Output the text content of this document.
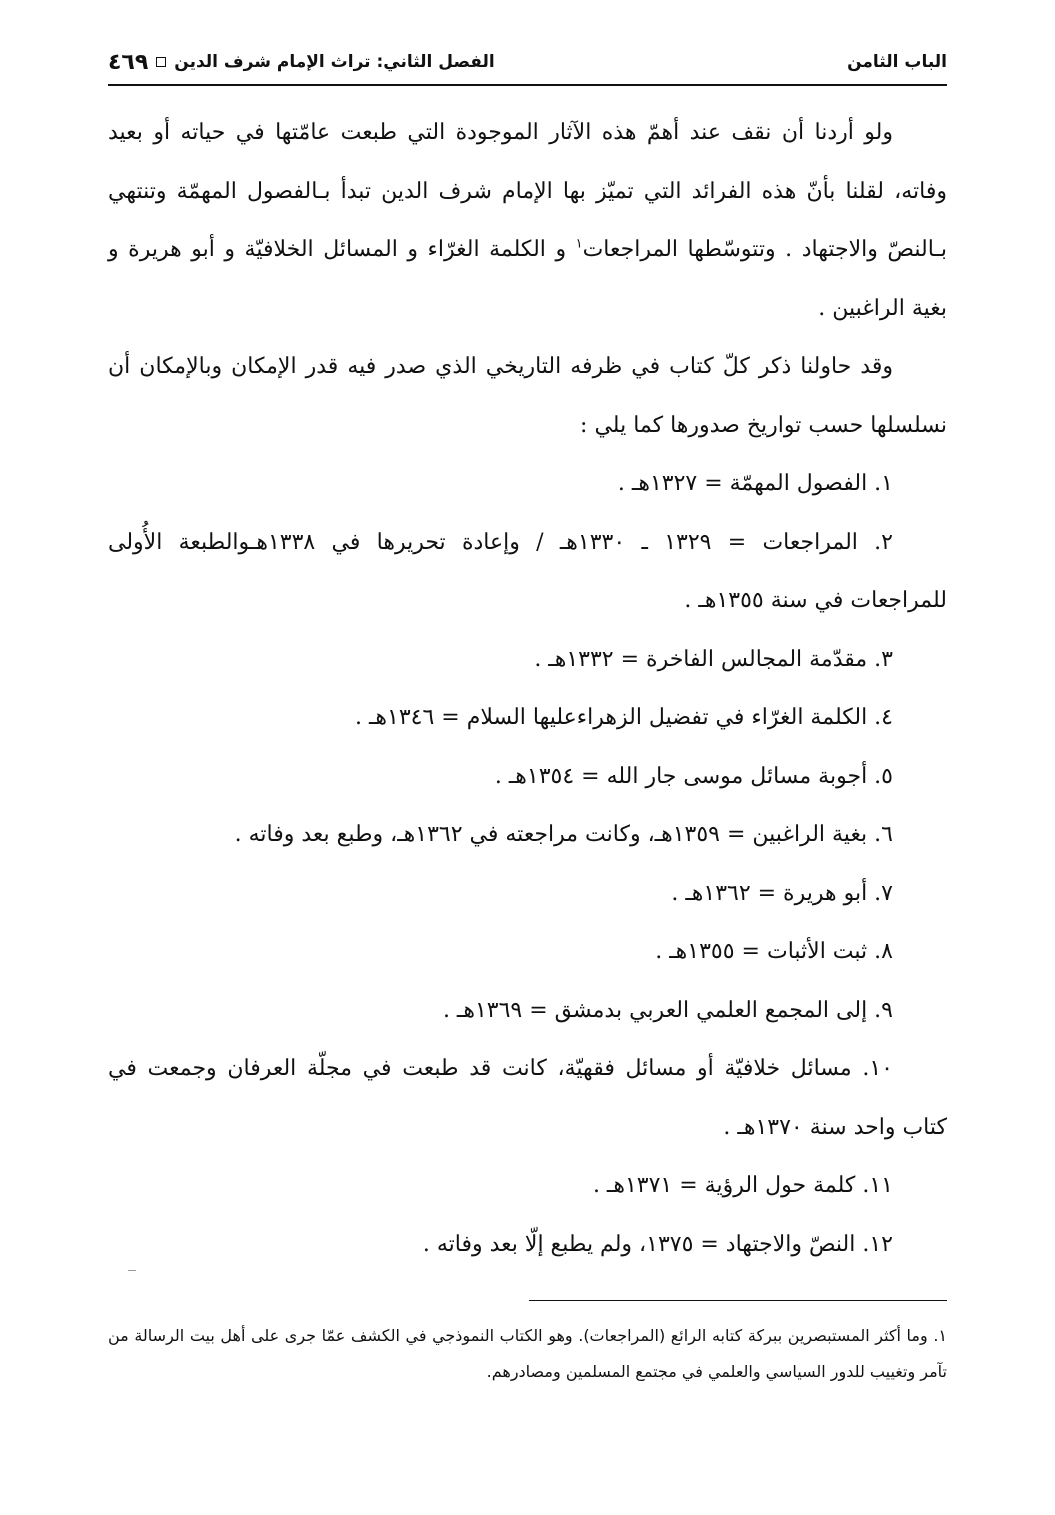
الباب الثامن
الفصل الثاني: تراث الإمام شرف الدين
٤٦٩

ولو أردنا أن نقف عند أهمّ هذه الآثار الموجودة التي طبعت عامّتها في حياته أو بعيد وفاته، لقلنا بأنّ هذه الفرائد التي تميّز بها الإمام شرف الدين تبدأ بـالفصول المهمّة وتنتهي بـالنصّ والاجتهاد . وتتوسّطها المراجعات$^١$ و الكلمة الغرّاء و المسائل الخلافيّة و أبو هريرة و بغية الراغبين .

وقد حاولنا ذكر كلّ كتاب في ظرفه التاريخي الذي صدر فيه قدر الإمكان وبالإمكان أن نسلسلها حسب تواريخ صدورها كما يلي :

١. الفصول المهمّة = ١٣٢٧هـ .

٢. المراجعات = ١٣٢٩ ـ ١٣٣٠هـ / وإعادة تحريرها في ١٣٣٨هـوالطبعة الأُولى للمراجعات في سنة ١٣٥٥هـ .

٣. مقدّمة المجالس الفاخرة = ١٣٣٢هـ .

٤. الكلمة الغرّاء في تفضيل الزهراءعليها السلام = ١٣٤٦هـ .

٥. أجوبة مسائل موسى جار الله = ١٣٥٤هـ .

٦. بغية الراغبين = ١٣٥٩هـ، وكانت مراجعته في ١٣٦٢هـ، وطبع بعد وفاته .

٧. أبو هريرة = ١٣٦٢هـ .

٨. ثبت الأثبات = ١٣٥٥هـ .

٩. إلى المجمع العلمي العربي بدمشق = ١٣٦٩هـ .

١٠. مسائل خلافيّة أو مسائل فقهيّة، كانت قد طبعت في مجلّة العرفان وجمعت في كتاب واحد سنة ١٣٧٠هـ .

١١. كلمة حول الرؤية = ١٣٧١هـ .

١٢. النصّ والاجتهاد = ١٣٧٥، ولم يطبع إلّا بعد وفاته .

١. وما أكثر المستبصرين ببركة كتابه الرائع (المراجعات). وهو الكتاب النموذجي في الكشف عمّا جرى على أهل بيت الرسالة من تآمر وتغييب للدور السياسي والعلمي في مجتمع المسلمين ومصادرهم.
